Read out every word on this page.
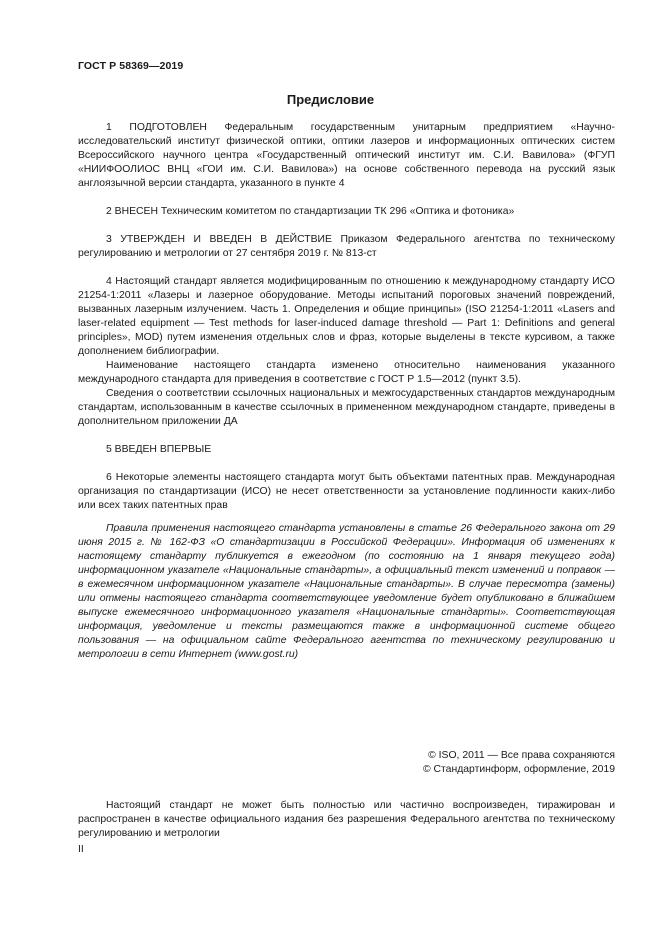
ГОСТ Р 58369—2019
Предисловие

1 ПОДГОТОВЛЕН Федеральным государственным унитарным предприятием «Научно-исследовательский институт физической оптики, оптики лазеров и информационных оптических систем Всероссийского научного центра «Государственный оптический институт им. С.И. Вавилова» (ФГУП «НИИФООЛИОС ВНЦ «ГОИ им. С.И. Вавилова») на основе собственного перевода на русский язык англоязычной версии стандарта, указанного в пункте 4

2 ВНЕСЕН Техническим комитетом по стандартизации ТК 296 «Оптика и фотоника»

3 УТВЕРЖДЕН И ВВЕДЕН В ДЕЙСТВИЕ Приказом Федерального агентства по техническому регулированию и метрологии от 27 сентября 2019 г. № 813-ст

4 Настоящий стандарт является модифицированным по отношению к международному стандарту ИСО 21254-1:2011 «Лазеры и лазерное оборудование. Методы испытаний пороговых значений повреждений, вызванных лазерным излучением. Часть 1. Определения и общие принципы» (ISO 21254-1:2011 «Lasers and laser-related equipment — Test methods for laser-induced damage threshold — Part 1: Definitions and general principles», MOD) путем изменения отдельных слов и фраз, которые выделены в тексте курсивом, а также дополнением библиографии.

Наименование настоящего стандарта изменено относительно наименования указанного международного стандарта для приведения в соответствие с ГОСТ Р 1.5—2012 (пункт 3.5).

Сведения о соответствии ссылочных национальных и межгосударственных стандартов международным стандартам, использованным в качестве ссылочных в примененном международном стандарте, приведены в дополнительном приложении ДА

5 ВВЕДЕН ВПЕРВЫЕ

6 Некоторые элементы настоящего стандарта могут быть объектами патентных прав. Международная организация по стандартизации (ИСО) не несет ответственности за установление подлинности каких-либо или всех таких патентных прав

Правила применения настоящего стандарта установлены в статье 26 Федерального закона от 29 июня 2015 г. № 162-ФЗ «О стандартизации в Российской Федерации». Информация об изменениях к настоящему стандарту публикуется в ежегодном (по состоянию на 1 января текущего года) информационном указателе «Национальные стандарты», а официальный текст изменений и поправок — в ежемесячном информационном указателе «Национальные стандарты». В случае пересмотра (замены) или отмены настоящего стандарта соответствующее уведомление будет опубликовано в ближайшем выпуске ежемесячного информационного указателя «Национальные стандарты». Соответствующая информация, уведомление и тексты размещаются также в информационной системе общего пользования — на официальном сайте Федерального агентства по техническому регулированию и метрологии в сети Интернет (www.gost.ru)

© ISO, 2011 — Все права сохраняются
© Стандартинформ, оформление, 2019

Настоящий стандарт не может быть полностью или частично воспроизведен, тиражирован и распространен в качестве официального издания без разрешения Федерального агентства по техническому регулированию и метрологии

II
